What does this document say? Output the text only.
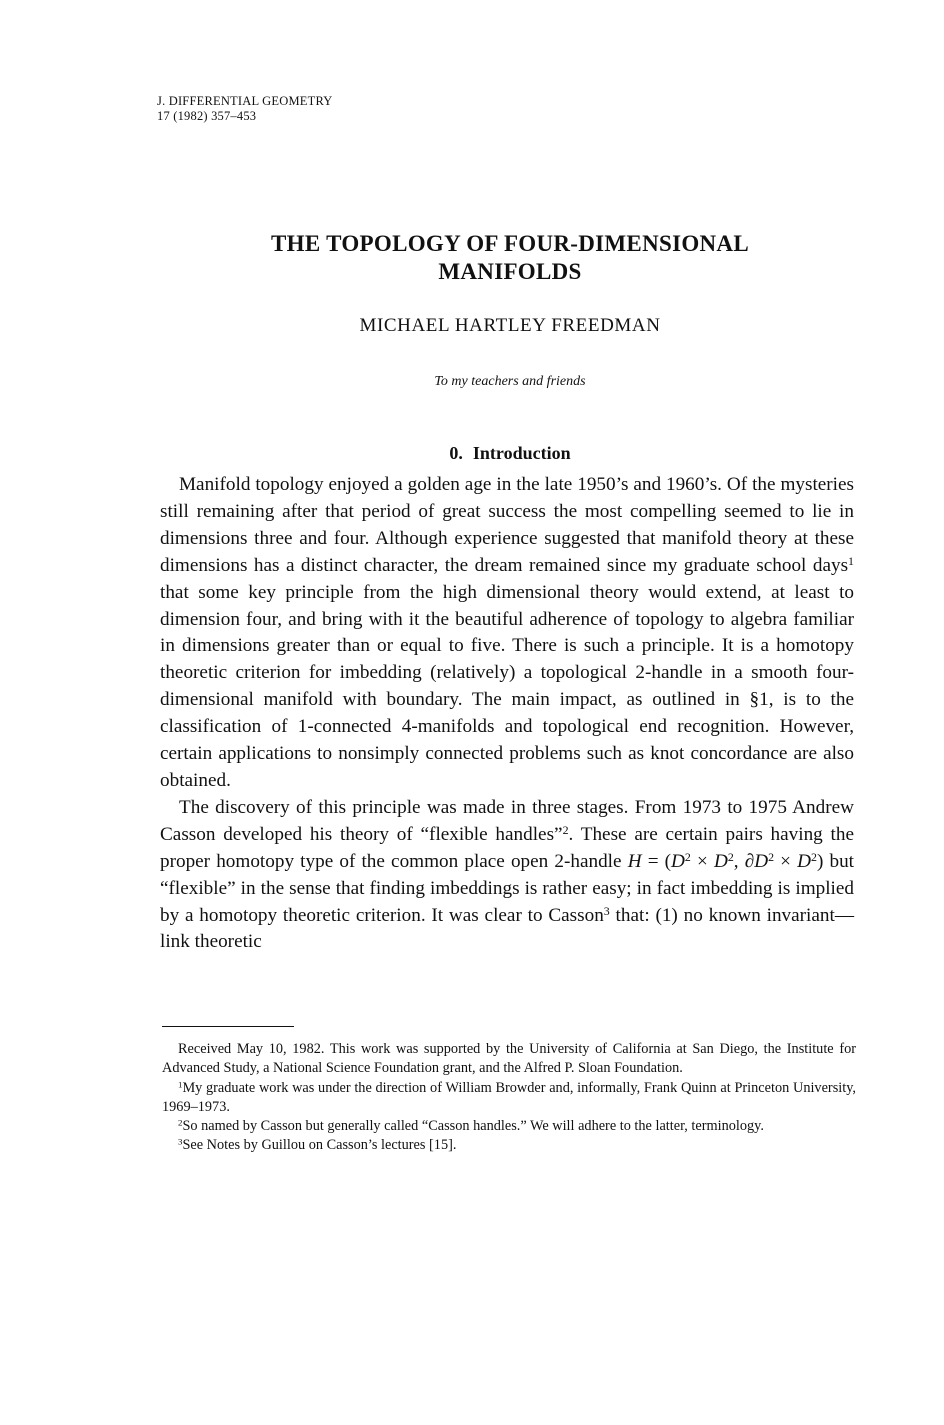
J. DIFFERENTIAL GEOMETRY
17 (1982) 357–453
THE TOPOLOGY OF FOUR-DIMENSIONAL
MANIFOLDS
MICHAEL HARTLEY FREEDMAN
To my teachers and friends
0. Introduction

Manifold topology enjoyed a golden age in the late 1950’s and 1960’s. Of the mysteries still remaining after that period of great success the most compelling seemed to lie in dimensions three and four. Although experience suggested that manifold theory at these dimensions has a distinct character, the dream remained since my graduate school days$^1$ that some key principle from the high dimensional theory would extend, at least to dimension four, and bring with it the beautiful adherence of topology to algebra familiar in dimensions greater than or equal to five. There is such a principle. It is a homotopy theoretic criterion for imbedding (relatively) a topological 2-handle in a smooth four-dimensional manifold with boundary. The main impact, as outlined in §1, is to the classification of 1-connected 4-manifolds and topological end recognition. However, certain applications to nonsimply connected problems such as knot concordance are also obtained.

The discovery of this principle was made in three stages. From 1973 to 1975 Andrew Casson developed his theory of “flexible handles”$^2$. These are certain pairs having the proper homotopy type of the common place open 2-handle $H = (D^2 \times D^2$, $\partial D^2 \times D^2$) but “flexible” in the sense that finding imbeddings is rather easy; in fact imbedding is implied by a homotopy theoretic criterion. It was clear to Casson$^3$ that: (1) no known invariant—link theoretic

Received May 10, 1982. This work was supported by the University of California at San Diego, the Institute for Advanced Study, a National Science Foundation grant, and the Alfred P. Sloan Foundation.

$^1$My graduate work was under the direction of William Browder and, informally, Frank Quinn at Princeton University, 1969–1973.

$^2$So named by Casson but generally called “Casson handles.” We will adhere to the latter, terminology.

$^3$See Notes by Guillou on Casson’s lectures [15].
